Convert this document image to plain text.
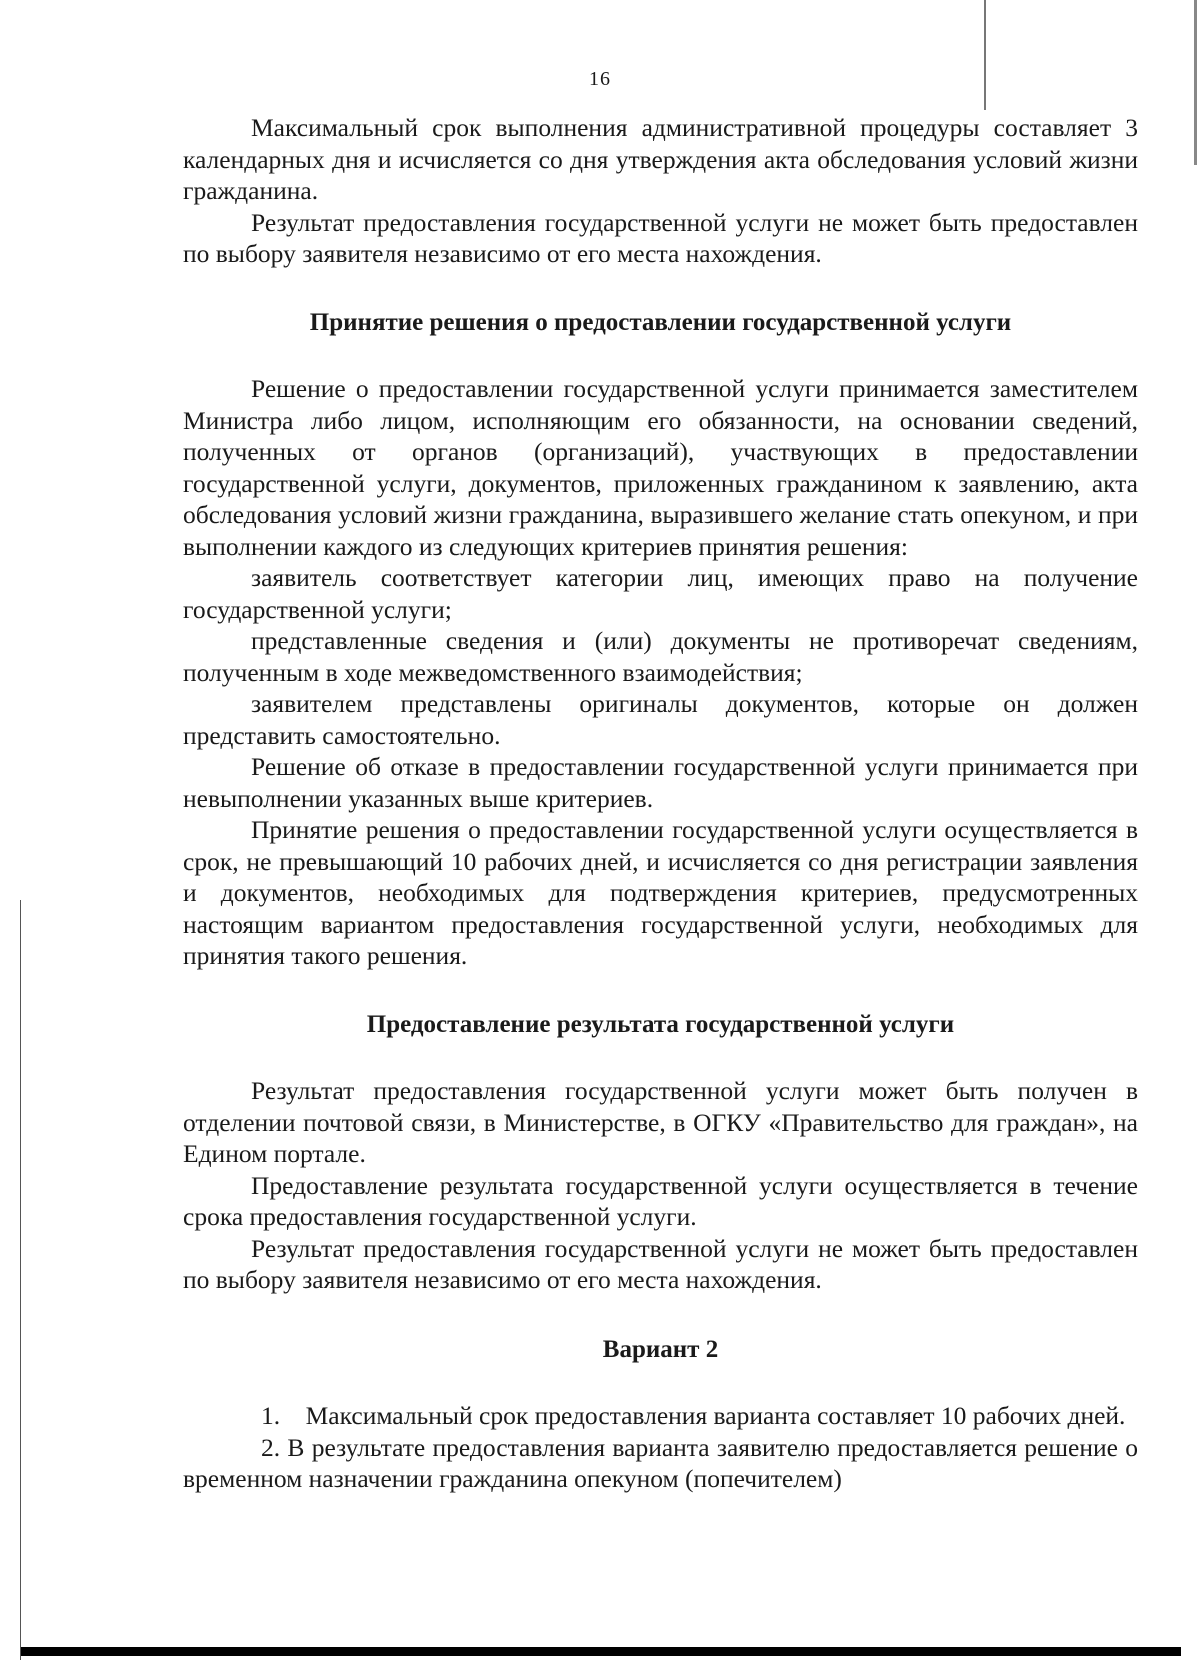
16

Максимальный срок выполнения административной процедуры составляет 3 календарных дня и исчисляется со дня утверждения акта обследования условий жизни гражданина.

Результат предоставления государственной услуги не может быть предоставлен по выбору заявителя независимо от его места нахождения.

Принятие решения о предоставлении государственной услуги

Решение о предоставлении государственной услуги принимается заместителем Министра либо лицом, исполняющим его обязанности, на основании сведений, полученных от органов (организаций), участвующих в предоставлении государственной услуги, документов, приложенных гражданином к заявлению, акта обследования условий жизни гражданина, выразившего желание стать опекуном, и при выполнении каждого из следующих критериев принятия решения:

заявитель соответствует категории лиц, имеющих право на получение государственной услуги;

представленные сведения и (или) документы не противоречат сведениям, полученным в ходе межведомственного взаимодействия;

заявителем представлены оригиналы документов, которые он должен представить самостоятельно.

Решение об отказе в предоставлении государственной услуги принимается при невыполнении указанных выше критериев.

Принятие решения о предоставлении государственной услуги осуществляется в срок, не превышающий 10 рабочих дней, и исчисляется со дня регистрации заявления и документов, необходимых для подтверждения критериев, предусмотренных настоящим вариантом предоставления государственной услуги, необходимых для принятия такого решения.

Предоставление результата государственной услуги

Результат предоставления государственной услуги может быть получен в отделении почтовой связи, в Министерстве, в ОГКУ «Правительство для граждан», на Едином портале.

Предоставление результата государственной услуги осуществляется в течение срока предоставления государственной услуги.

Результат предоставления государственной услуги не может быть предоставлен по выбору заявителя независимо от его места нахождения.

Вариант 2

1. Максимальный срок предоставления варианта составляет 10 рабочих дней.

2. В результате предоставления варианта заявителю предоставляется решение о временном назначении гражданина опекуном (попечителем)
